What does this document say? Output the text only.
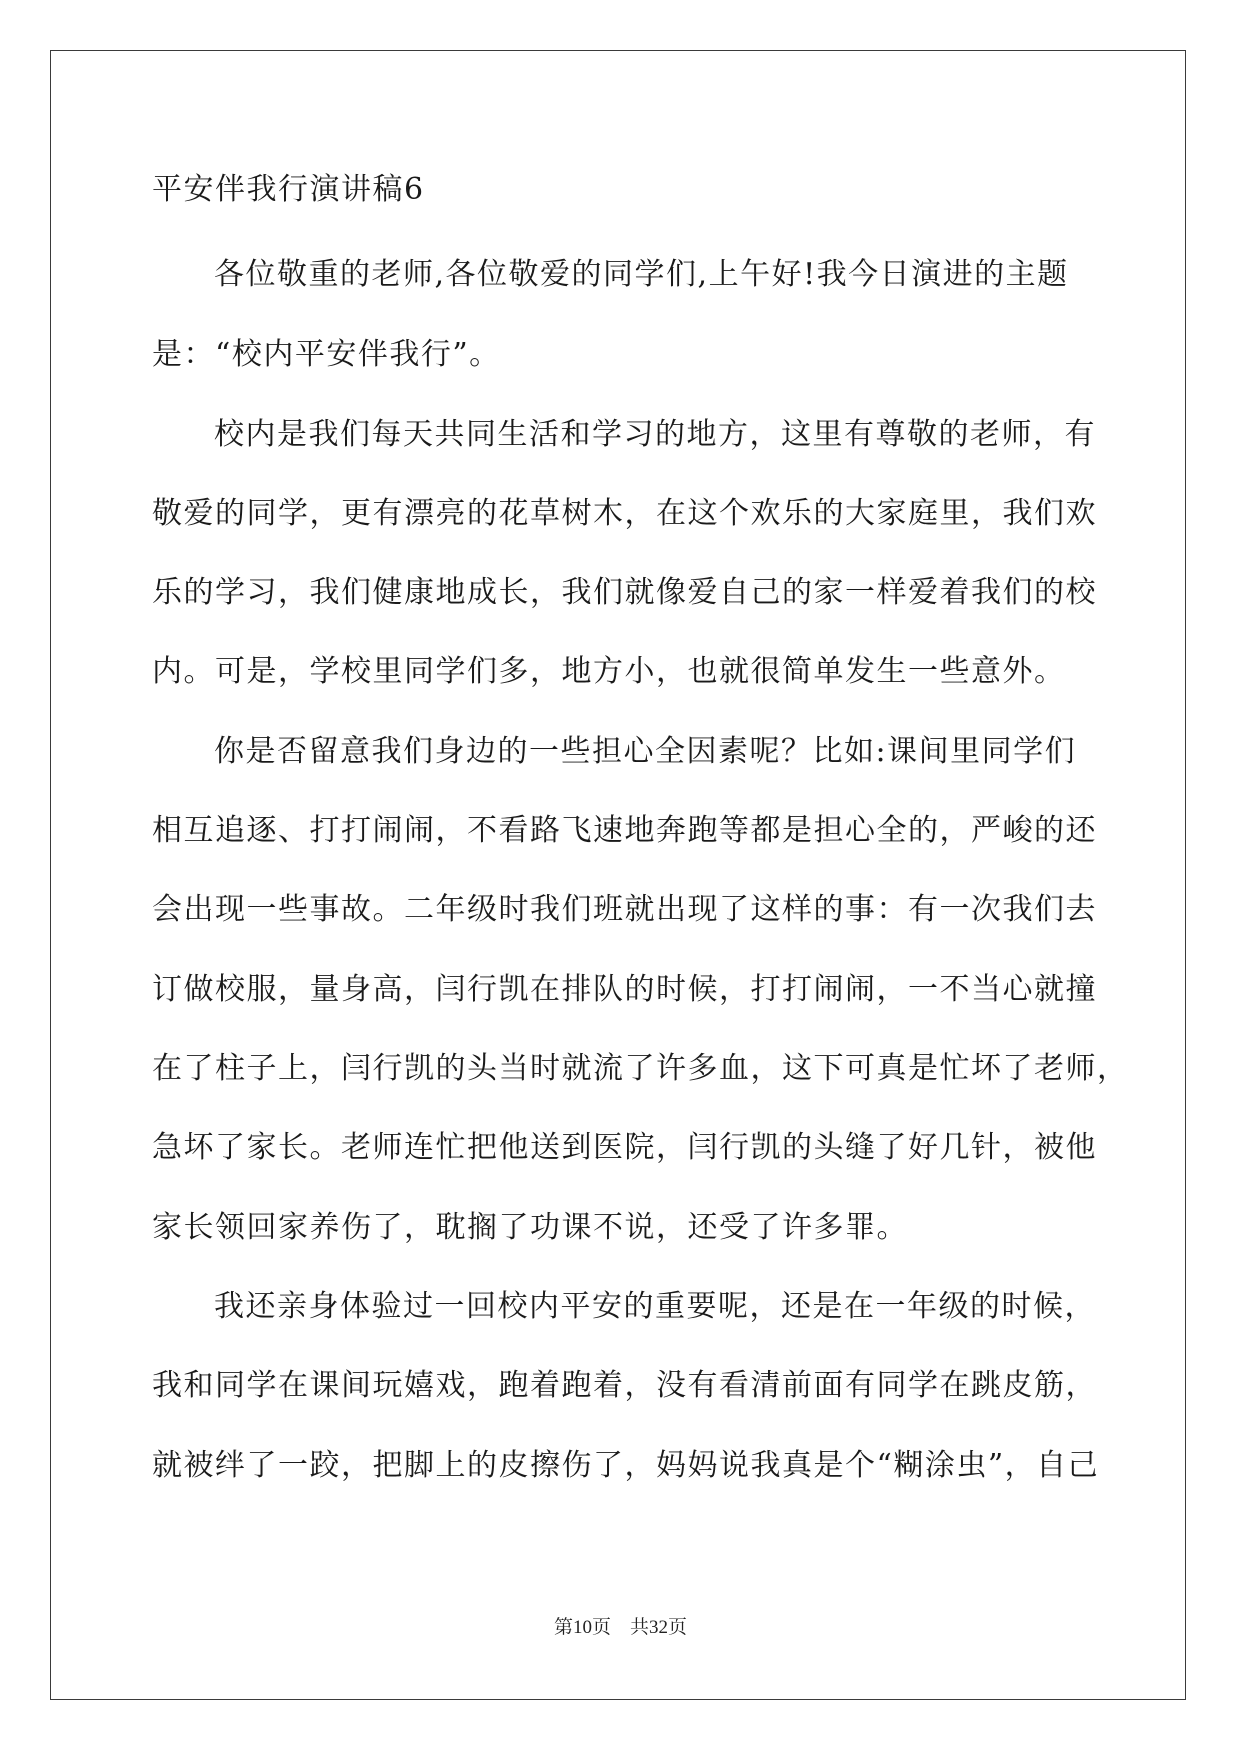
平安伴我行演讲稿6
各位敬重的老师,各位敬爱的同学们,上午好!我今日演进的主题
是：“校内平安伴我行”。
校内是我们每天共同生活和学习的地方，这里有尊敬的老师，有
敬爱的同学，更有漂亮的花草树木，在这个欢乐的大家庭里，我们欢
乐的学习，我们健康地成长，我们就像爱自己的家一样爱着我们的校
内。可是，学校里同学们多，地方小，也就很简单发生一些意外。
你是否留意我们身边的一些担心全因素呢？比如:课间里同学们
相互追逐、打打闹闹，不看路飞速地奔跑等都是担心全的，严峻的还
会出现一些事故。二年级时我们班就出现了这样的事：有一次我们去
订做校服，量身高，闫行凯在排队的时候，打打闹闹，一不当心就撞
在了柱子上，闫行凯的头当时就流了许多血，这下可真是忙坏了老师，
急坏了家长。老师连忙把他送到医院，闫行凯的头缝了好几针，被他
家长领回家养伤了，耽搁了功课不说，还受了许多罪。
我还亲身体验过一回校内平安的重要呢，还是在一年级的时候，
我和同学在课间玩嬉戏，跑着跑着，没有看清前面有同学在跳皮筋，
就被绊了一跤，把脚上的皮擦伤了，妈妈说我真是个“糊涂虫”，自己
第10页　共32页
